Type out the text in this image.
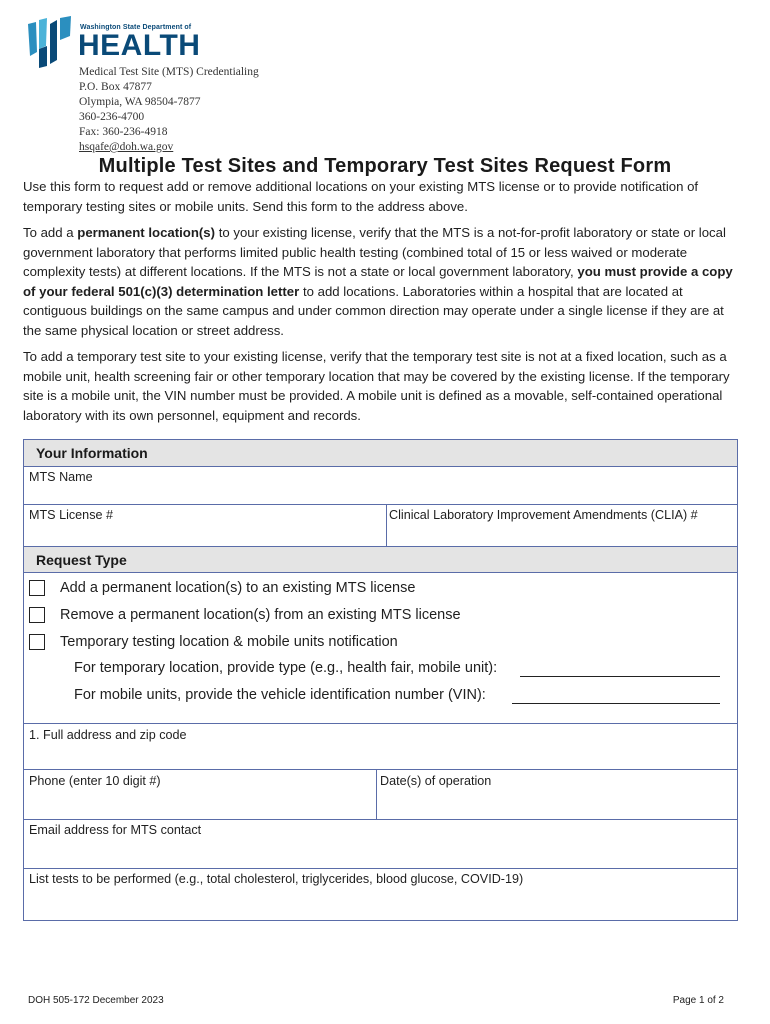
Washington State Department of
HEALTH
Medical Test Site (MTS) Credentialing
P.O. Box 47877
Olympia, WA 98504-7877
360-236-4700
Fax: 360-236-4918
hsqafe@doh.wa.gov
Multiple Test Sites and Temporary Test Sites Request Form
Use this form to request add or remove additional locations on your existing MTS license or to provide notification of temporary testing sites or mobile units. Send this form to the address above.
To add a permanent location(s) to your existing license, verify that the MTS is a not-for-profit laboratory or state or local government laboratory that performs limited public health testing (combined total of 15 or less waived or moderate complexity tests) at different locations. If the MTS is not a state or local government laboratory, you must provide a copy of your federal 501(c)(3) determination letter to add locations. Laboratories within a hospital that are located at contiguous buildings on the same campus and under common direction may operate under a single license if they are at the same physical location or street address.
To add a temporary test site to your existing license, verify that the temporary test site is not at a fixed location, such as a mobile unit, health screening fair or other temporary location that may be covered by the existing license. If the temporary site is a mobile unit, the VIN number must be provided. A mobile unit is defined as a movable, self-contained operational laboratory with its own personnel, equipment and records.
Your Information
MTS Name
MTS License #	Clinical Laboratory Improvement Amendments (CLIA) #
Request Type
Add a permanent location(s) to an existing MTS license
Remove a permanent location(s) from an existing MTS license
Temporary testing location & mobile units notification
For temporary location, provide type (e.g., health fair, mobile unit):
For mobile units, provide the vehicle identification number (VIN):
1. Full address and zip code
Phone (enter 10 digit #)	Date(s) of operation
Email address for MTS contact
List tests to be performed (e.g., total cholesterol, triglycerides, blood glucose, COVID-19)
DOH 505-172 December 2023	Page 1 of 2
